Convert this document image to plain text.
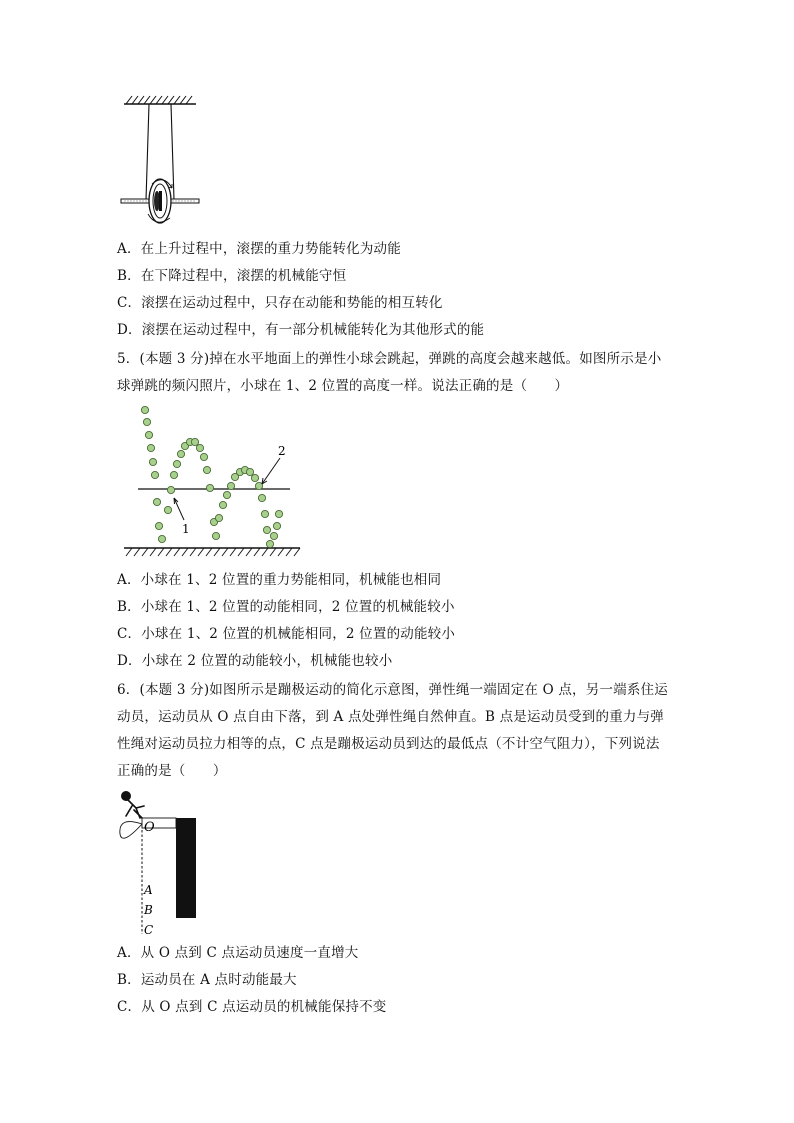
A．在上升过程中，滚摆的重力势能转化为动能
B．在下降过程中，滚摆的机械能守恒
C．滚摆在运动过程中，只存在动能和势能的相互转化
D．滚摆在运动过程中，有一部分机械能转化为其他形式的能
5．(本题 3 分)掉在水平地面上的弹性小球会跳起，弹跳的高度会越来越低。如图所示是小
球弹跳的频闪照片，小球在 1、2 位置的高度一样。说法正确的是（　　）
1
2
A．小球在 1、2 位置的重力势能相同，机械能也相同
B．小球在 1、2 位置的动能相同，2 位置的机械能较小
C．小球在 1、2 位置的机械能相同，2 位置的动能较小
D．小球在 2 位置的动能较小，机械能也较小
6．(本题 3 分)如图所示是蹦极运动的简化示意图，弹性绳一端固定在 O 点，另一端系住运
动员，运动员从 O 点自由下落，到 A 点处弹性绳自然伸直。B 点是运动员受到的重力与弹
性绳对运动员拉力相等的点，C 点是蹦极运动员到达的最低点（不计空气阻力），下列说法
正确的是（　　）
O
A
B
C
A．从 O 点到 C 点运动员速度一直增大
B．运动员在 A 点时动能最大
C．从 O 点到 C 点运动员的机械能保持不变
